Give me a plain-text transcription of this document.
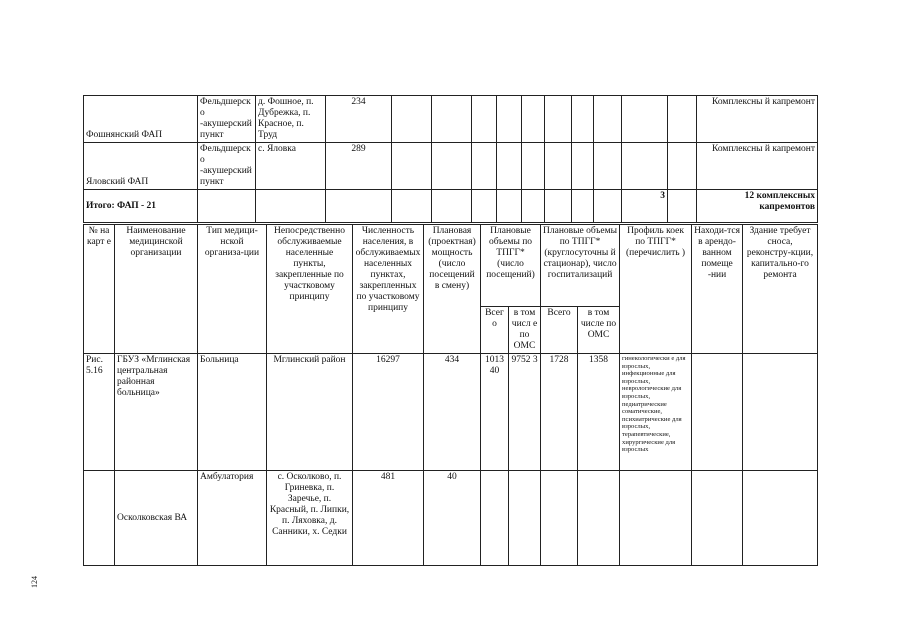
Фошнянский ФАП	Фельдшерско -акушерский пункт	д. Фошное, п. Дубрежка, п. Красное, п. Труд	234											Комплексны й капремонт
Яловский ФАП	Фельдшерско -акушерский пункт	с. Яловка	289											Комплексны й капремонт
Итого: ФАП - 21												3		12 комплексных капремонтов
№ на карт е	Наименование медицинской организации	Тип медици-нской организа-ции	Непосредственно обслуживаемые населенные пункты, закрепленные по участковому принципу	Численность населения, в обслуживаемых населенных пунктах, закрепленных по участковому принципу	Плановая (проектная) мощность (число посещений в смену)	Плановые объемы по ТПГГ* (число посещений)		Плановые объемы по ТПГГ* (круглосуточны й стационар), число госпитализаций		Профиль коек по ТПГГ* (перечислить )	Находи-тся в арендо-ванном помеще -нии	Здание требует сноса, реконстру-кции, капитально-го ремонта
						Всег о	в том числ е по ОМС	Всего	в том числе по ОМС			
Рис. 5.16	ГБУЗ «Мглинская центральная районная больница»	Больница	Мглинский район	16297	434	1013 40	9752 3	1728	1358	гинекологически е для взрослых, инфекционные для взрослых, неврологические для взрослых, педиатрические соматические, психиатрические для взрослых, терапевтические, хирургические для взрослых		
	Осколковская ВА	Амбулатория	с. Осколково, п. Гриневка, п. Заречье, п. Красный, п. Липки, п. Ляховка, д. Санники, х. Седки	481	40							
124
